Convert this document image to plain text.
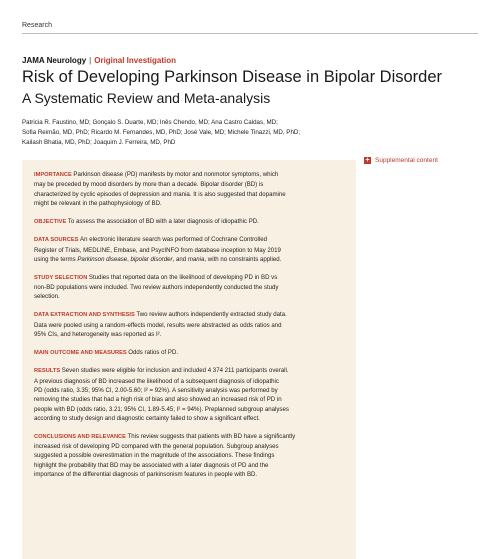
Research
JAMA Neurology | Original Investigation
Risk of Developing Parkinson Disease in Bipolar Disorder
A Systematic Review and Meta-analysis
Patricia R. Faustino, MD; Gonçalo S. Duarte, MD; Inês Chendo, MD; Ana Castro Caldas, MD;
Sofia Reimão, MD, PhD; Ricardo M. Fernandes, MD, PhD; José Vale, MD; Michele Tinazzi, MD, PhD;
Kailash Bhatia, MD, PhD; Joaquim J. Ferreira, MD, PhD
+ Supplemental content

IMPORTANCE Parkinson disease (PD) manifests by motor and nonmotor symptoms, which
may be preceded by mood disorders by more than a decade. Bipolar disorder (BD) is
characterized by cyclic episodes of depression and mania. It is also suggested that dopamine
might be relevant in the pathophysiology of BD.

OBJECTIVE To assess the association of BD with a later diagnosis of idiopathic PD.

DATA SOURCES An electronic literature search was performed of Cochrane Controlled
Register of Trials, MEDLINE, Embase, and PsycINFO from database inception to May 2019
using the terms Parkinson disease, bipolar disorder, and mania, with no constraints applied.

STUDY SELECTION Studies that reported data on the likelihood of developing PD in BD vs
non-BD populations were included. Two review authors independently conducted the study
selection.

DATA EXTRACTION AND SYNTHESIS Two review authors independently extracted study data.
Data were pooled using a random-effects model, results were abstracted as odds ratios and
95% CIs, and heterogeneity was reported as I².

MAIN OUTCOME AND MEASURES Odds ratios of PD.

RESULTS Seven studies were eligible for inclusion and included 4 374 211 participants overall.
A previous diagnosis of BD increased the likelihood of a subsequent diagnosis of idiopathic
PD (odds ratio, 3.35; 95% CI, 2.00-5.60; I² = 92%). A sensitivity analysis was performed by
removing the studies that had a high risk of bias and also showed an increased risk of PD in
people with BD (odds ratio, 3.21; 95% CI, 1.89-5.45; I² = 94%). Preplanned subgroup analyses
according to study design and diagnostic certainty failed to show a significant effect.

CONCLUSIONS AND RELEVANCE This review suggests that patients with BD have a significantly
increased risk of developing PD compared with the general population. Subgroup analyses
suggested a possible overestimation in the magnitude of the associations. These findings
highlight the probability that BD may be associated with a later diagnosis of PD and the
importance of the differential diagnosis of parkinsonism features in people with BD.
